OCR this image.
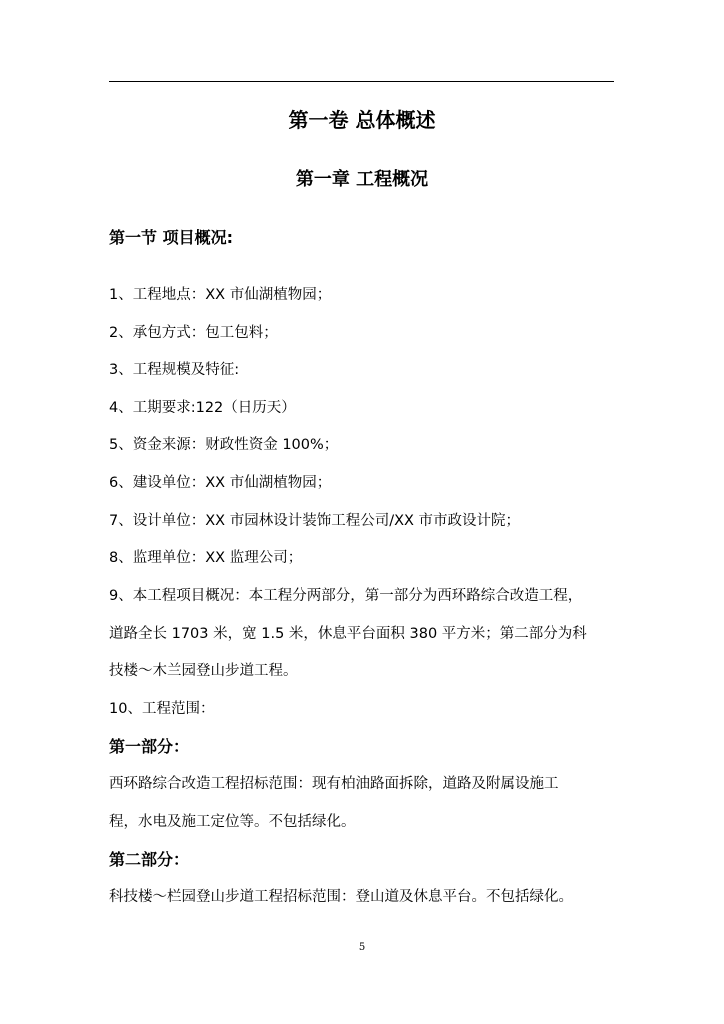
第一卷 总体概述
第一章 工程概况
第一节 项目概况:
1、工程地点：XX 市仙湖植物园；
2、承包方式：包工包料；
3、工程规模及特征:
4、工期要求:122（日历天）
5、资金来源：财政性资金 100%；
6、建设单位：XX 市仙湖植物园；
7、设计单位：XX 市园林设计装饰工程公司/XX 市市政设计院；
8、监理单位：XX 监理公司；
9、本工程项目概况：本工程分两部分，第一部分为西环路综合改造工程，
道路全长 1703 米，宽 1.5 米，休息平台面积 380 平方米；第二部分为科
技楼～木兰园登山步道工程。
10、工程范围：
第一部分：
西环路综合改造工程招标范围：现有柏油路面拆除，道路及附属设施工
程，水电及施工定位等。不包括绿化。
第二部分：
科技楼～栏园登山步道工程招标范围：登山道及休息平台。不包括绿化。
5
